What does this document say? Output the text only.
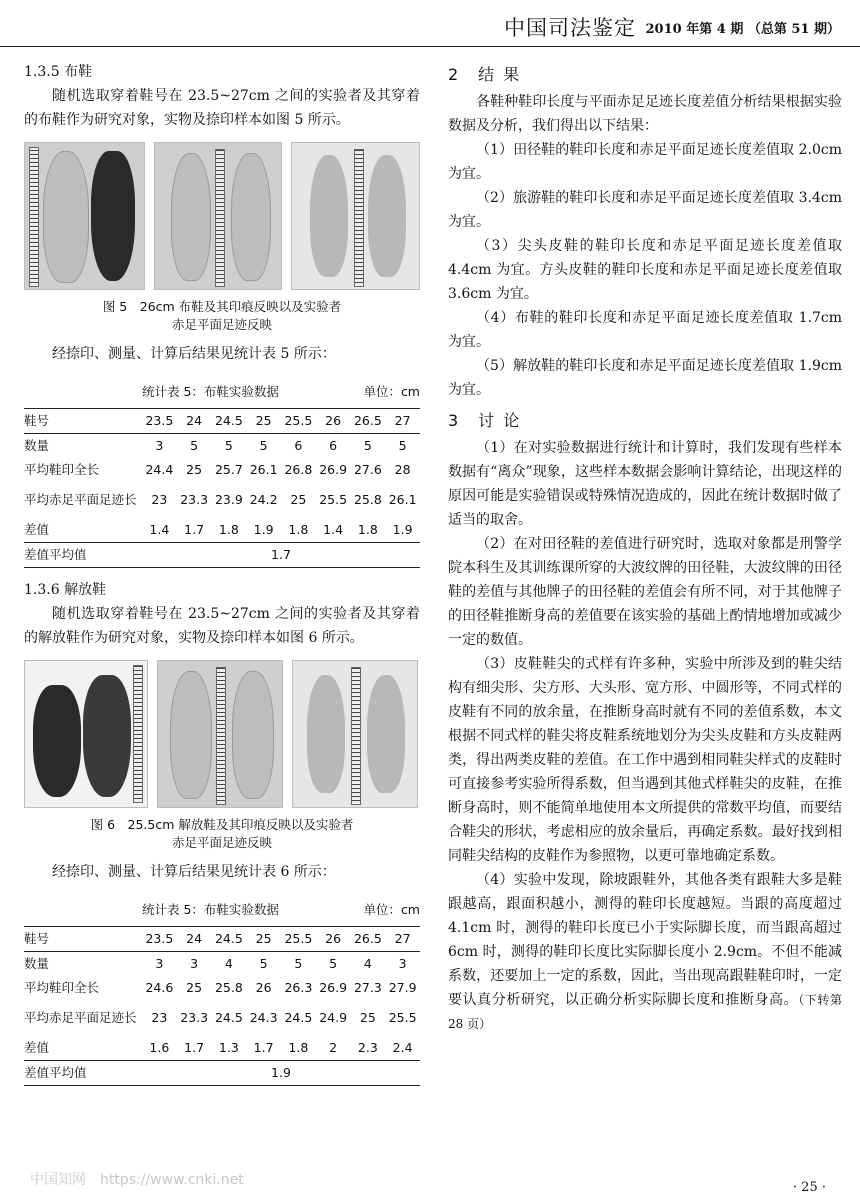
中国司法鉴定 2010 年第 4 期 （总第 51 期）
1.3.5 布鞋

随机选取穿着鞋号在 23.5~27cm 之间的实验者及其穿着的布鞋作为研究对象，实物及捺印样本如图 5 所示。

图 5　26cm 布鞋及其印痕反映以及实验者
赤足平面足迹反映

经捺印、测量、计算后结果见统计表 5 所示：

统计表 5：布鞋实验数据	单位：cm
鞋号	23.5	24	24.5	25	25.5	26	26.5	27
数量	3	5	5	5	6	6	5	5
平均鞋印全长	24.4	25	25.7	26.1	26.8	26.9	27.6	28
平均赤足平面足迹长	23	23.3	23.9	24.2	25	25.5	25.8	26.1
差值	1.4	1.7	1.8	1.9	1.8	1.4	1.8	1.9
差值平均值	1.7							
1.3.6 解放鞋

随机选取穿着鞋号在 23.5~27cm 之间的实验者及其穿着的解放鞋作为研究对象，实物及捺印样本如图 6 所示。

图 6　25.5cm 解放鞋及其印痕反映以及实验者
赤足平面足迹反映

经捺印、测量、计算后结果见统计表 6 所示：

统计表 5：布鞋实验数据	单位：cm
鞋号	23.5	24	24.5	25	25.5	26	26.5	27
数量	3	3	4	5	5	5	4	3
平均鞋印全长	24.6	25	25.8	26	26.3	26.9	27.3	27.9
平均赤足平面足迹长	23	23.3	24.5	24.3	24.5	24.9	25	25.5
差值	1.6	1.7	1.3	1.7	1.8	2	2.3	2.4
差值平均值	1.9							
2　结 果

各鞋种鞋印长度与平面赤足足迹长度差值分析结果根据实验数据及分析，我们得出以下结果：

（1）田径鞋的鞋印长度和赤足平面足迹长度差值取 2.0cm 为宜。

（2）旅游鞋的鞋印长度和赤足平面足迹长度差值取 3.4cm 为宜。

（3）尖头皮鞋的鞋印长度和赤足平面足迹长度差值取 4.4cm 为宜。方头皮鞋的鞋印长度和赤足平面足迹长度差值取 3.6cm 为宜。

（4）布鞋的鞋印长度和赤足平面足迹长度差值取 1.7cm 为宜。

（5）解放鞋的鞋印长度和赤足平面足迹长度差值取 1.9cm 为宜。

3　讨 论

（1）在对实验数据进行统计和计算时，我们发现有些样本数据有“离众”现象，这些样本数据会影响计算结论，出现这样的原因可能是实验错误或特殊情况造成的，因此在统计数据时做了适当的取舍。

（2）在对田径鞋的差值进行研究时，选取对象都是刑警学院本科生及其训练课所穿的大波纹牌的田径鞋，大波纹牌的田径鞋的差值与其他牌子的田径鞋的差值会有所不同，对于其他牌子的田径鞋推断身高的差值要在该实验的基础上酌情地增加或减少一定的数值。

（3）皮鞋鞋尖的式样有许多种，实验中所涉及到的鞋尖结构有细尖形、尖方形、大头形、宽方形、中圆形等，不同式样的皮鞋有不同的放余量，在推断身高时就有不同的差值系数，本文根据不同式样的鞋尖将皮鞋系统地划分为尖头皮鞋和方头皮鞋两类，得出两类皮鞋的差值。在工作中遇到相同鞋尖样式的皮鞋时可直接参考实验所得系数，但当遇到其他式样鞋尖的皮鞋，在推断身高时，则不能简单地使用本文所提供的常数平均值，而要结合鞋尖的形状，考虑相应的放余量后，再确定系数。最好找到相同鞋尖结构的皮鞋作为参照物，以更可靠地确定系数。

（4）实验中发现，除坡跟鞋外，其他各类有跟鞋大多是鞋跟越高，跟面积越小，测得的鞋印长度越短。当跟的高度超过 4.1cm 时，测得的鞋印长度已小于实际脚长度，而当跟高超过 6cm 时，测得的鞋印长度比实际脚长度小 2.9cm。不但不能减系数，还要加上一定的系数，因此，当出现高跟鞋鞋印时，一定要认真分析研究，以正确分析实际脚长度和推断身高。（下转第 28 页）

中国知网　https://www.cnki.net	· 25 ·
